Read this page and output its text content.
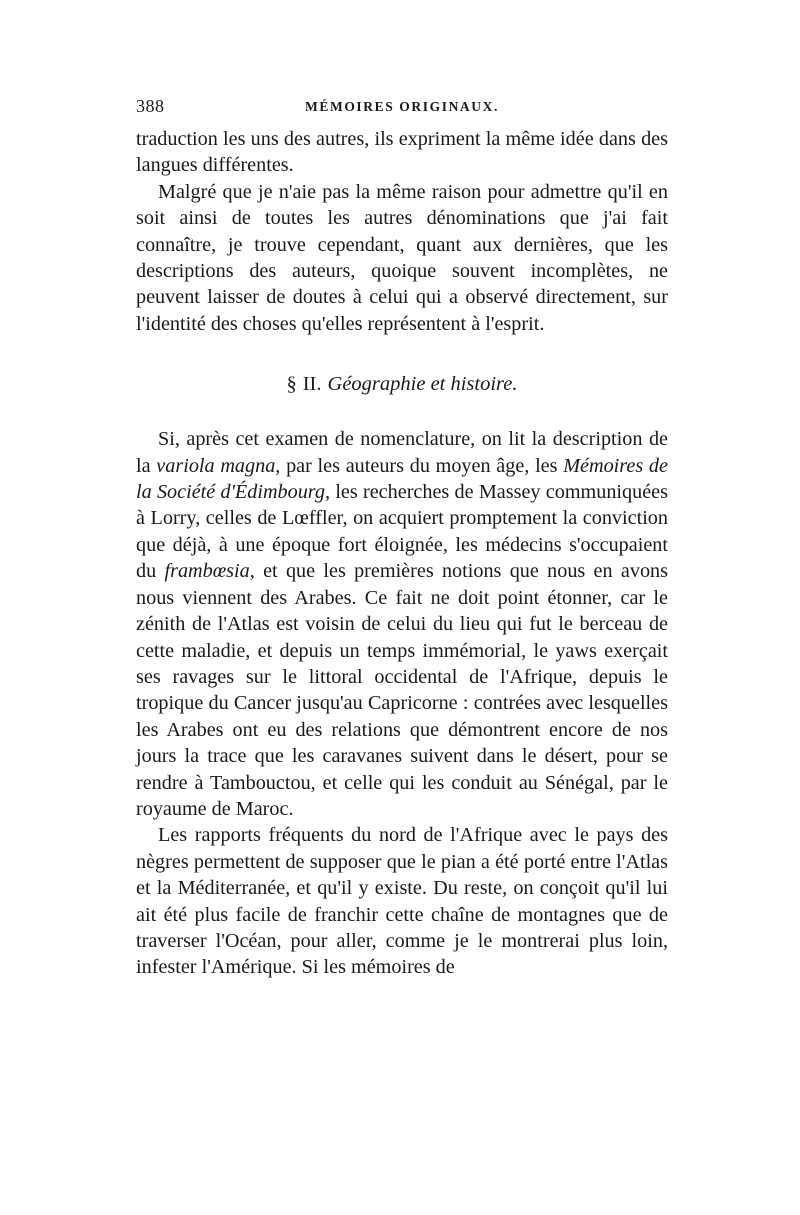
388	MÉMOIRES ORIGINAUX.

traduction les uns des autres, ils expriment la même idée dans des langues différentes.

Malgré que je n'aie pas la même raison pour admettre qu'il en soit ainsi de toutes les autres dénominations que j'ai fait connaître, je trouve cependant, quant aux dernières, que les descriptions des auteurs, quoique souvent incomplètes, ne peuvent laisser de doutes à celui qui a observé directement, sur l'identité des choses qu'elles représentent à l'esprit.

§ II. Géographie et histoire.

Si, après cet examen de nomenclature, on lit la description de la variola magna, par les auteurs du moyen âge, les Mémoires de la Société d'Édimbourg, les recherches de Massey communiquées à Lorry, celles de Lœffler, on acquiert promptement la conviction que déjà, à une époque fort éloignée, les médecins s'occupaient du frambœsia, et que les premières notions que nous en avons nous viennent des Arabes. Ce fait ne doit point étonner, car le zénith de l'Atlas est voisin de celui du lieu qui fut le berceau de cette maladie, et depuis un temps immémorial, le yaws exerçait ses ravages sur le littoral occidental de l'Afrique, depuis le tropique du Cancer jusqu'au Capricorne : contrées avec lesquelles les Arabes ont eu des relations que démontrent encore de nos jours la trace que les caravanes suivent dans le désert, pour se rendre à Tambouctou, et celle qui les conduit au Sénégal, par le royaume de Maroc.

Les rapports fréquents du nord de l'Afrique avec le pays des nègres permettent de supposer que le pian a été porté entre l'Atlas et la Méditerranée, et qu'il y existe. Du reste, on conçoit qu'il lui ait été plus facile de franchir cette chaîne de montagnes que de traverser l'Océan, pour aller, comme je le montrerai plus loin, infester l'Amérique. Si les mémoires de
